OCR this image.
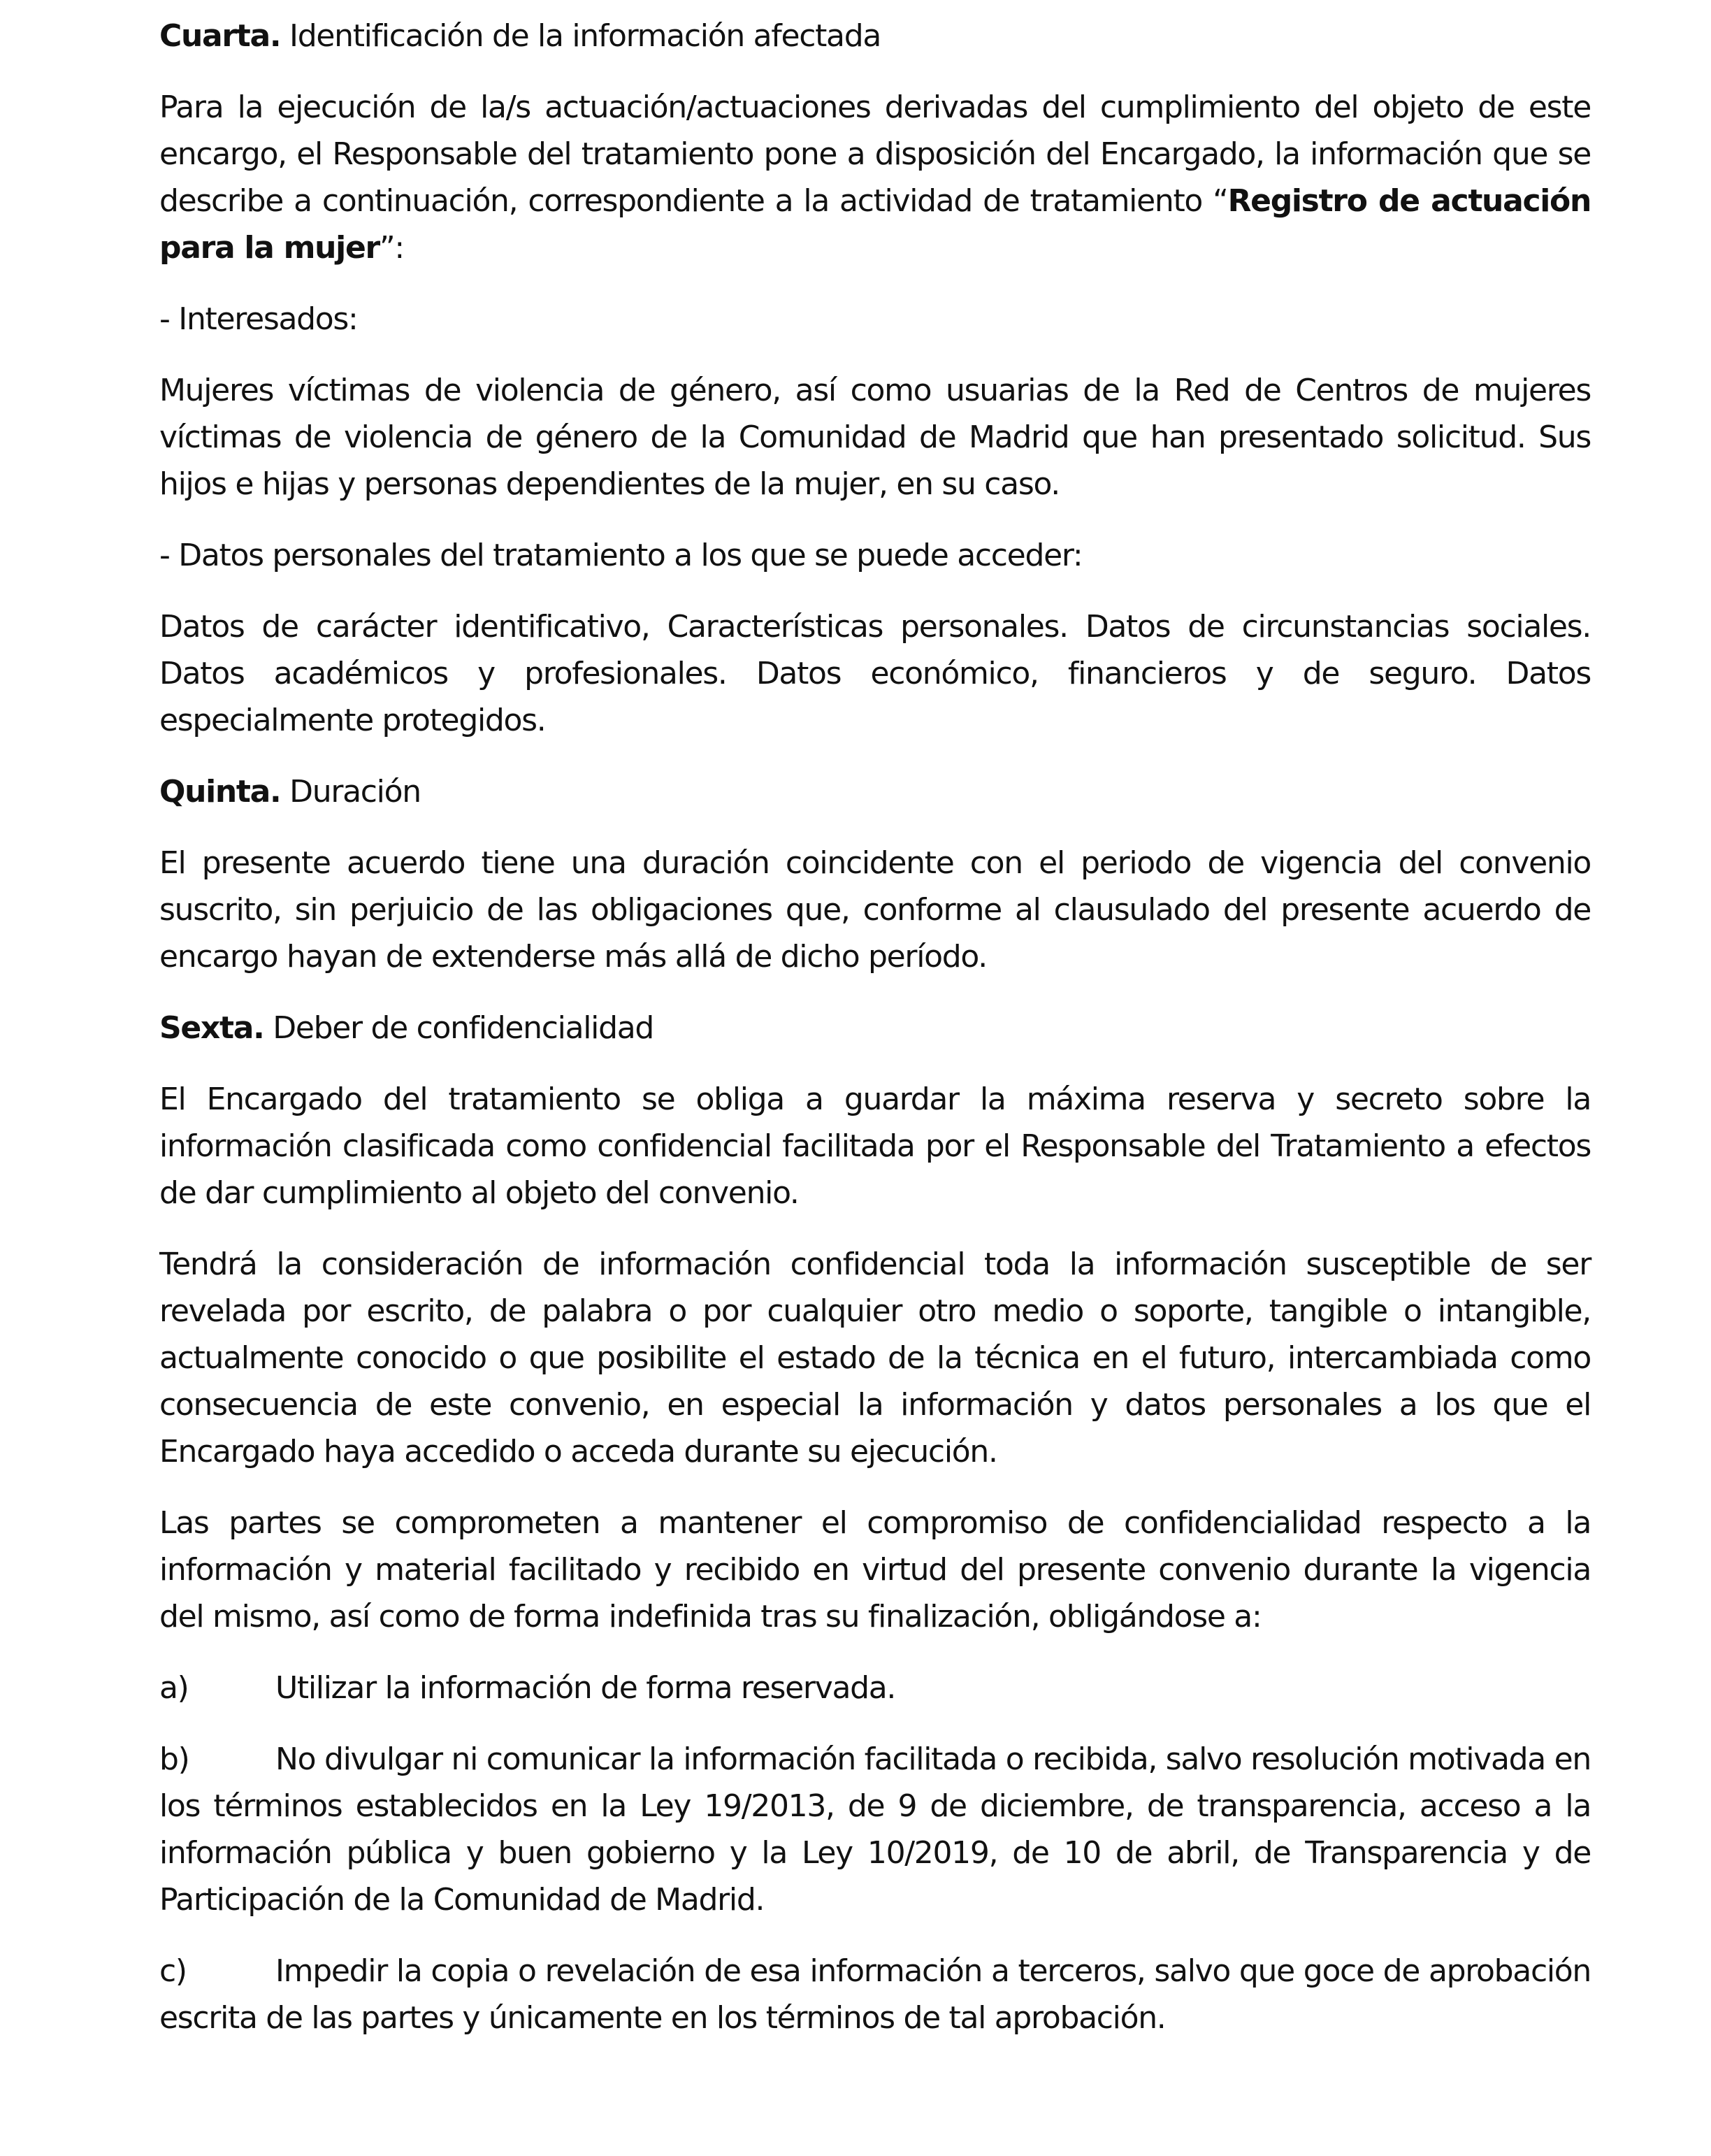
Cuarta. Identificación de la información afectada

Para la ejecución de la/s actuación/actuaciones derivadas del cumplimiento del objeto de este encargo, el Responsable del tratamiento pone a disposición del Encargado, la información que se describe a continuación, correspondiente a la actividad de tratamiento “Registro de actuación para la mujer”:

- Interesados:

Mujeres víctimas de violencia de género, así como usuarias de la Red de Centros de mujeres víctimas de violencia de género de la Comunidad de Madrid que han presentado solicitud. Sus hijos e hijas y personas dependientes de la mujer, en su caso.

- Datos personales del tratamiento a los que se puede acceder:

Datos de carácter identificativo, Características personales. Datos de circunstancias sociales. Datos académicos y profesionales. Datos económico, financieros y de seguro. Datos especialmente protegidos.

Quinta. Duración

El presente acuerdo tiene una duración coincidente con el periodo de vigencia del convenio suscrito, sin perjuicio de las obligaciones que, conforme al clausulado del presente acuerdo de encargo hayan de extenderse más allá de dicho período.

Sexta. Deber de confidencialidad

El Encargado del tratamiento se obliga a guardar la máxima reserva y secreto sobre la información clasificada como confidencial facilitada por el Responsable del Tratamiento a efectos de dar cumplimiento al objeto del convenio.

Tendrá la consideración de información confidencial toda la información susceptible de ser revelada por escrito, de palabra o por cualquier otro medio o soporte, tangible o intangible, actualmente conocido o que posibilite el estado de la técnica en el futuro, intercambiada como consecuencia de este convenio, en especial la información y datos personales a los que el Encargado haya accedido o acceda durante su ejecución.

Las partes se comprometen a mantener el compromiso de confidencialidad respecto a la información y material facilitado y recibido en virtud del presente convenio durante la vigencia del mismo, así como de forma indefinida tras su finalización, obligándose a:

a)	Utilizar la información de forma reservada.

b)	No divulgar ni comunicar la información facilitada o recibida, salvo resolución motivada en los términos establecidos en la Ley 19/2013, de 9 de diciembre, de transparencia, acceso a la información pública y buen gobierno y la Ley 10/2019, de 10 de abril, de Transparencia y de Participación de la Comunidad de Madrid.

c)	Impedir la copia o revelación de esa información a terceros, salvo que goce de aprobación escrita de las partes y únicamente en los términos de tal aprobación.
